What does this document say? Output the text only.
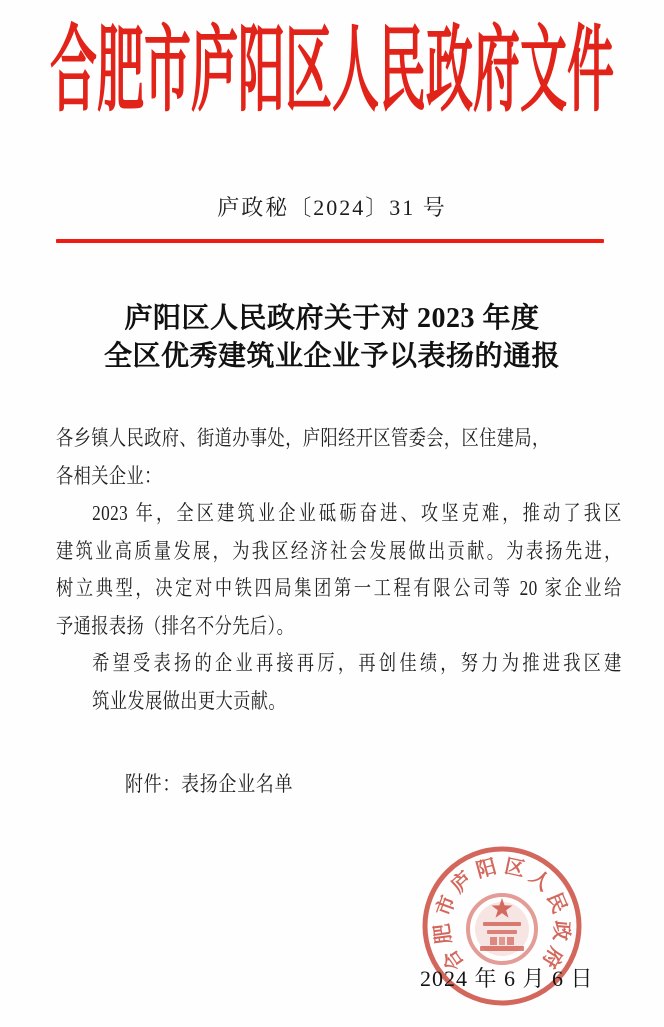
合肥市庐阳区人民政府文件
庐政秘〔2024〕31 号
庐阳区人民政府关于对 2023 年度
全区优秀建筑业企业予以表扬的通报
各乡镇人民政府、街道办事处，庐阳经开区管委会，区住建局，
各相关企业：
2023 年，全区建筑业企业砥砺奋进、攻坚克难，推动了我区
建筑业高质量发展，为我区经济社会发展做出贡献。为表扬先进，
树立典型，决定对中铁四局集团第一工程有限公司等 20 家企业给
予通报表扬（排名不分先后）。
希望受表扬的企业再接再厉，再创佳绩，努力为推进我区建
筑业发展做出更大贡献。
附件：表扬企业名单
合
肥
市
庐
阳 区
人
民
政
府
2024 年 6 月 6 日
